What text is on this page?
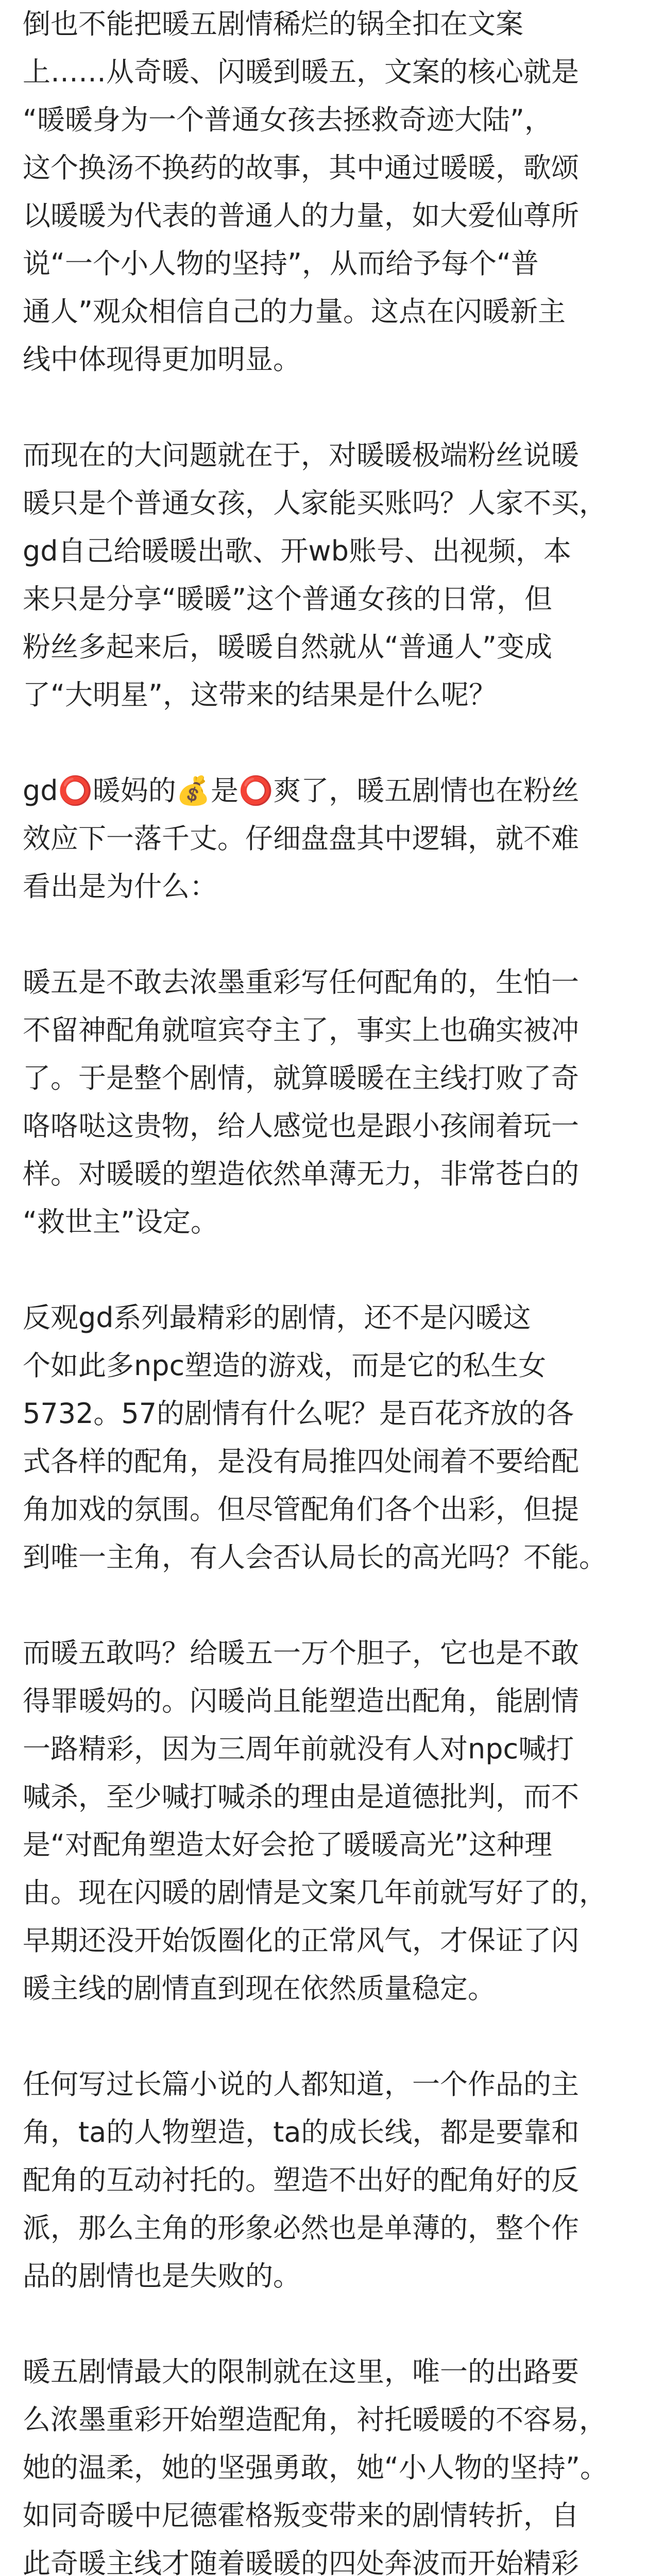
倒也不能把暖五剧情稀烂的锅全扣在文案
上……从奇暖、闪暖到暖五，文案的核心就是
“暖暖身为一个普通女孩去拯救奇迹大陆”，
这个换汤不换药的故事，其中通过暖暖，歌颂
以暖暖为代表的普通人的力量，如大爱仙尊所
说“一个小人物的坚持”，从而给予每个“普
通人”观众相信自己的力量。这点在闪暖新主
线中体现得更加明显。
而现在的大问题就在于，对暖暖极端粉丝说暖
暖只是个普通女孩，人家能买账吗？人家不买，
gd自己给暖暖出歌、开wb账号、出视频，本
来只是分享“暖暖”这个普通女孩的日常，但
粉丝多起来后，暖暖自然就从“普通人”变成
了“大明星”，这带来的结果是什么呢？
gd⭕暖妈的💰是⭕爽了，暖五剧情也在粉丝
效应下一落千丈。仔细盘盘其中逻辑，就不难
看出是为什么：
暖五是不敢去浓墨重彩写任何配角的，生怕一
不留神配角就喧宾夺主了，事实上也确实被冲
了。于是整个剧情，就算暖暖在主线打败了奇
咯咯哒这贵物，给人感觉也是跟小孩闹着玩一
样。对暖暖的塑造依然单薄无力，非常苍白的
“救世主”设定。
反观gd系列最精彩的剧情，还不是闪暖这
个如此多npc塑造的游戏，而是它的私生女
5732。57的剧情有什么呢？是百花齐放的各
式各样的配角，是没有局推四处闹着不要给配
角加戏的氛围。但尽管配角们各个出彩，但提
到唯一主角，有人会否认局长的高光吗？不能。
而暖五敢吗？给暖五一万个胆子，它也是不敢
得罪暖妈的。闪暖尚且能塑造出配角，能剧情
一路精彩，因为三周年前就没有人对npc喊打
喊杀，至少喊打喊杀的理由是道德批判，而不
是“对配角塑造太好会抢了暖暖高光”这种理
由。现在闪暖的剧情是文案几年前就写好了的，
早期还没开始饭圈化的正常风气，才保证了闪
暖主线的剧情直到现在依然质量稳定。
任何写过长篇小说的人都知道，一个作品的主
角，ta的人物塑造，ta的成长线，都是要靠和
配角的互动衬托的。塑造不出好的配角好的反
派，那么主角的形象必然也是单薄的，整个作
品的剧情也是失败的。
暖五剧情最大的限制就在这里，唯一的出路要
么浓墨重彩开始塑造配角，衬托暖暖的不容易，
她的温柔，她的坚强勇敢，她“小人物的坚持”。
如同奇暖中尼德霍格叛变带来的剧情转折，自
此奇暖主线才随着暖暖的四处奔波而开始精彩
